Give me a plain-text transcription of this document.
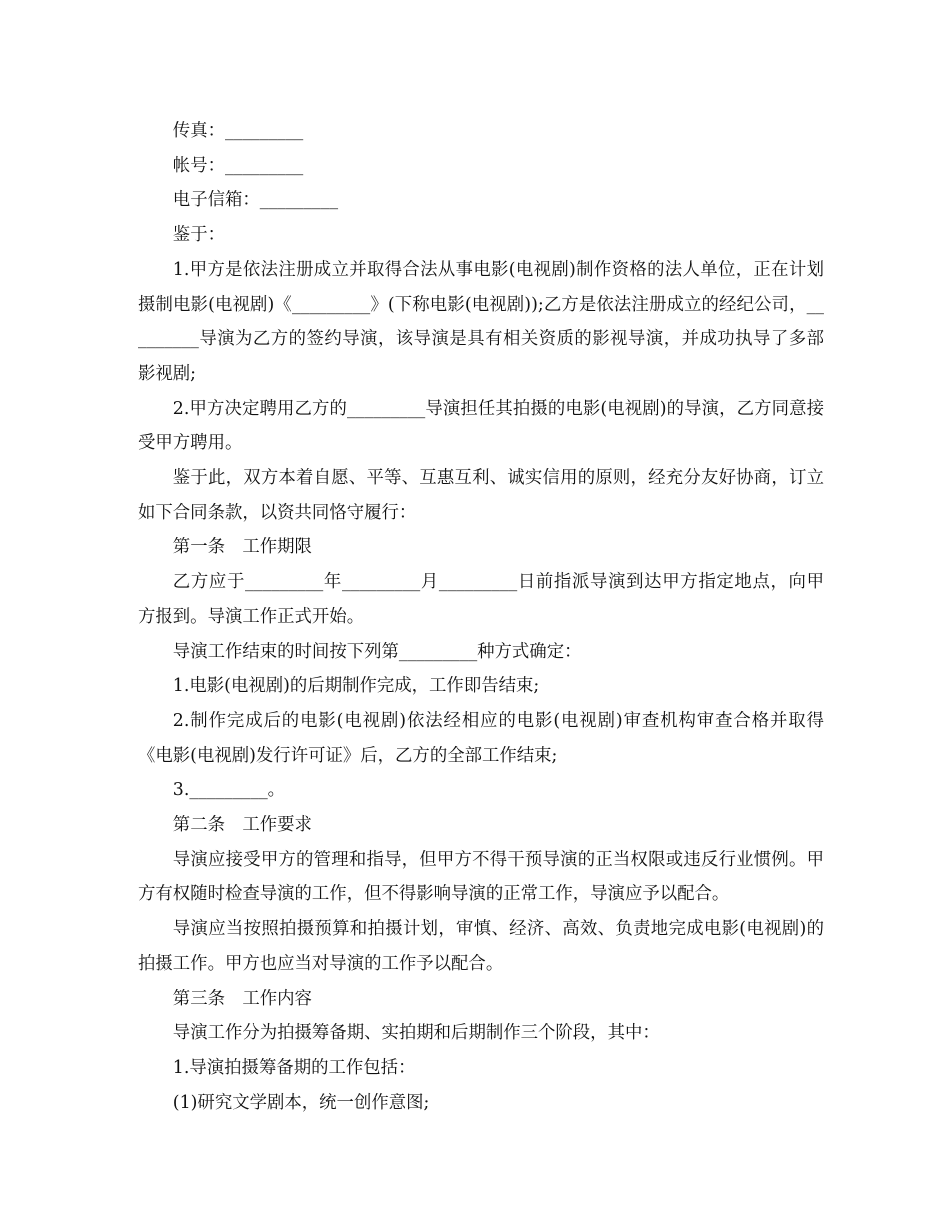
传真：_________

帐号：_________

电子信箱：_________

鉴于：

1.甲方是依法注册成立并取得合法从事电影(电视剧)制作资格的法人单位，正在计划摄制电影(电视剧)《_________》(下称电影(电视剧));乙方是依法注册成立的经纪公司，_________导演为乙方的签约导演，该导演是具有相关资质的影视导演，并成功执导了多部影视剧;

2.甲方决定聘用乙方的_________导演担任其拍摄的电影(电视剧)的导演，乙方同意接受甲方聘用。

鉴于此，双方本着自愿、平等、互惠互利、诚实信用的原则，经充分友好协商，订立如下合同条款，以资共同恪守履行：

第一条　工作期限

乙方应于_________年_________月_________日前指派导演到达甲方指定地点，向甲方报到。导演工作正式开始。

导演工作结束的时间按下列第_________种方式确定：

1.电影(电视剧)的后期制作完成，工作即告结束;

2.制作完成后的电影(电视剧)依法经相应的电影(电视剧)审查机构审查合格并取得《电影(电视剧)发行许可证》后，乙方的全部工作结束;

3._________。

第二条　工作要求

导演应接受甲方的管理和指导，但甲方不得干预导演的正当权限或违反行业惯例。甲方有权随时检查导演的工作，但不得影响导演的正常工作，导演应予以配合。

导演应当按照拍摄预算和拍摄计划，审慎、经济、高效、负责地完成电影(电视剧)的拍摄工作。甲方也应当对导演的工作予以配合。

第三条　工作内容

导演工作分为拍摄筹备期、实拍期和后期制作三个阶段，其中：

1.导演拍摄筹备期的工作包括：

(1)研究文学剧本，统一创作意图;
